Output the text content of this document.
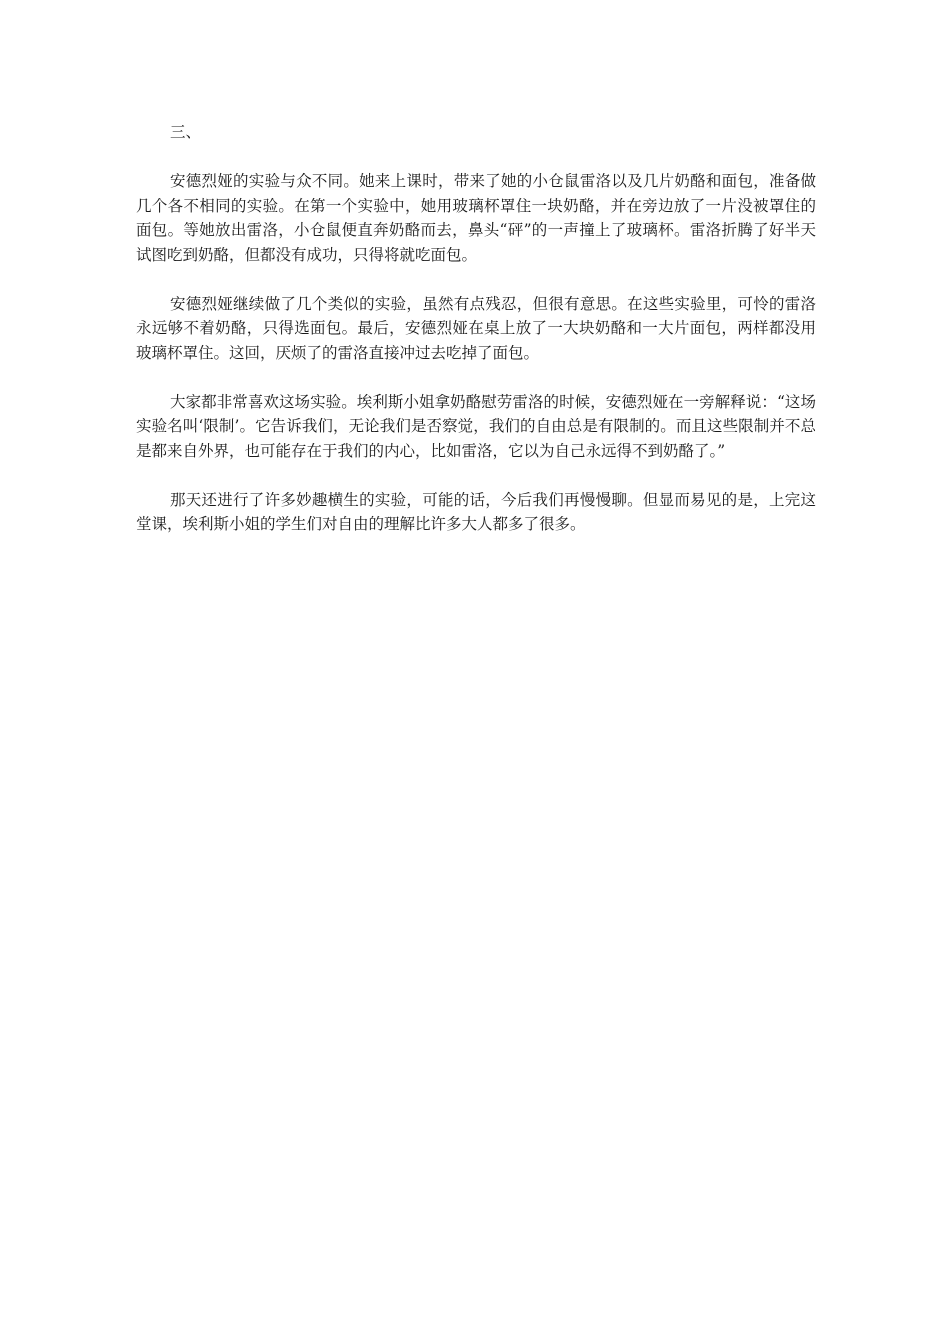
三、

安德烈娅的实验与众不同。她来上课时，带来了她的小仓鼠雷洛以及几片奶酪和面包，准备做几个各不相同的实验。在第一个实验中，她用玻璃杯罩住一块奶酪，并在旁边放了一片没被罩住的面包。等她放出雷洛，小仓鼠便直奔奶酪而去，鼻头“砰”的一声撞上了玻璃杯。雷洛折腾了好半天试图吃到奶酪，但都没有成功，只得将就吃面包。

安德烈娅继续做了几个类似的实验，虽然有点残忍，但很有意思。在这些实验里，可怜的雷洛永远够不着奶酪，只得选面包。最后，安德烈娅在桌上放了一大块奶酪和一大片面包，两样都没用玻璃杯罩住。这回，厌烦了的雷洛直接冲过去吃掉了面包。

大家都非常喜欢这场实验。埃利斯小姐拿奶酪慰劳雷洛的时候，安德烈娅在一旁解释说：“这场实验名叫‘限制’。它告诉我们，无论我们是否察觉，我们的自由总是有限制的。而且这些限制并不总是都来自外界，也可能存在于我们的内心，比如雷洛，它以为自己永远得不到奶酪了。”

那天还进行了许多妙趣横生的实验，可能的话，今后我们再慢慢聊。但显而易见的是，上完这堂课，埃利斯小姐的学生们对自由的理解比许多大人都多了很多。
